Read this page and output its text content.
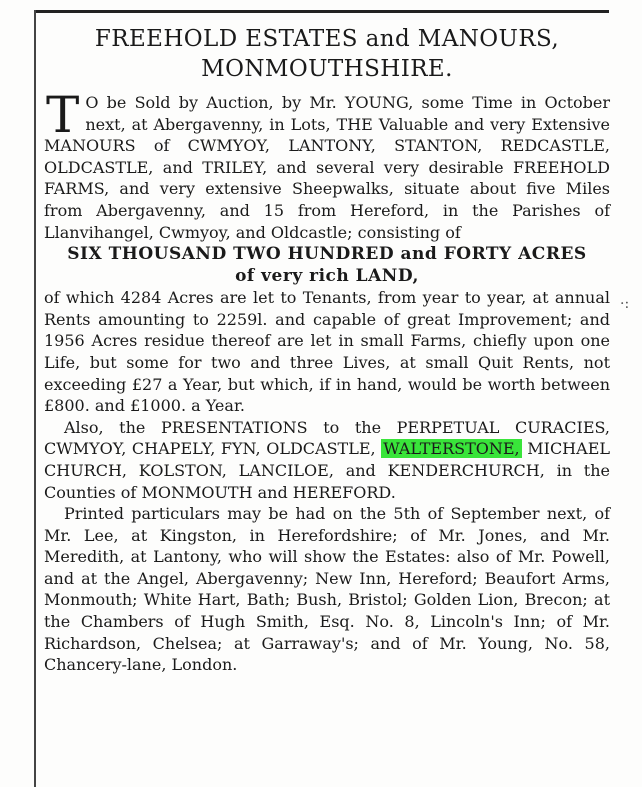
·:
FREEHOLD ESTATES and MANOURS,
MONMOUTHSHIRE.

T O be Sold by Auction, by Mr. YOUNG, some Time in October next, at Abergavenny, in Lots, THE Valuable and very Extensive MANOURS of CWMYOY, LANTONY, STANTON, REDCASTLE, OLDCASTLE, and TRILEY, and several very desirable FREEHOLD FARMS, and very extensive Sheepwalks, situate about five Miles from Abergavenny, and 15 from Hereford, in the Parishes of Llanvihangel, Cwmyoy, and Oldcastle; consisting of

SIX THOUSAND TWO HUNDRED and FORTY ACRES
of very rich LAND,

of which 4284 Acres are let to Tenants, from year to year, at annual Rents amounting to 2259l. and capable of great Improvement; and 1956 Acres residue thereof are let in small Farms, chiefly upon one Life, but some for two and three Lives, at small Quit Rents, not exceeding £27 a Year, but which, if in hand, would be worth between £800. and £1000. a Year.

Also, the PRESENTATIONS to the PERPETUAL CURACIES, CWMYOY, CHAPELY, FYN, OLDCASTLE, WALTERSTONE, MICHAEL CHURCH, KOLSTON, LANCILOE, and KENDERCHURCH, in the Counties of MONMOUTH and HEREFORD.

Printed particulars may be had on the 5th of September next, of Mr. Lee, at Kingston, in Herefordshire; of Mr. Jones, and Mr. Meredith, at Lantony, who will show the Estates: also of Mr. Powell, and at the Angel, Abergavenny; New Inn, Hereford; Beaufort Arms, Monmouth; White Hart, Bath; Bush, Bristol; Golden Lion, Brecon; at the Chambers of Hugh Smith, Esq. No. 8, Lincoln's Inn; of Mr. Richardson, Chelsea; at Garraway's; and of Mr. Young, No. 58, Chancery-lane, London.
